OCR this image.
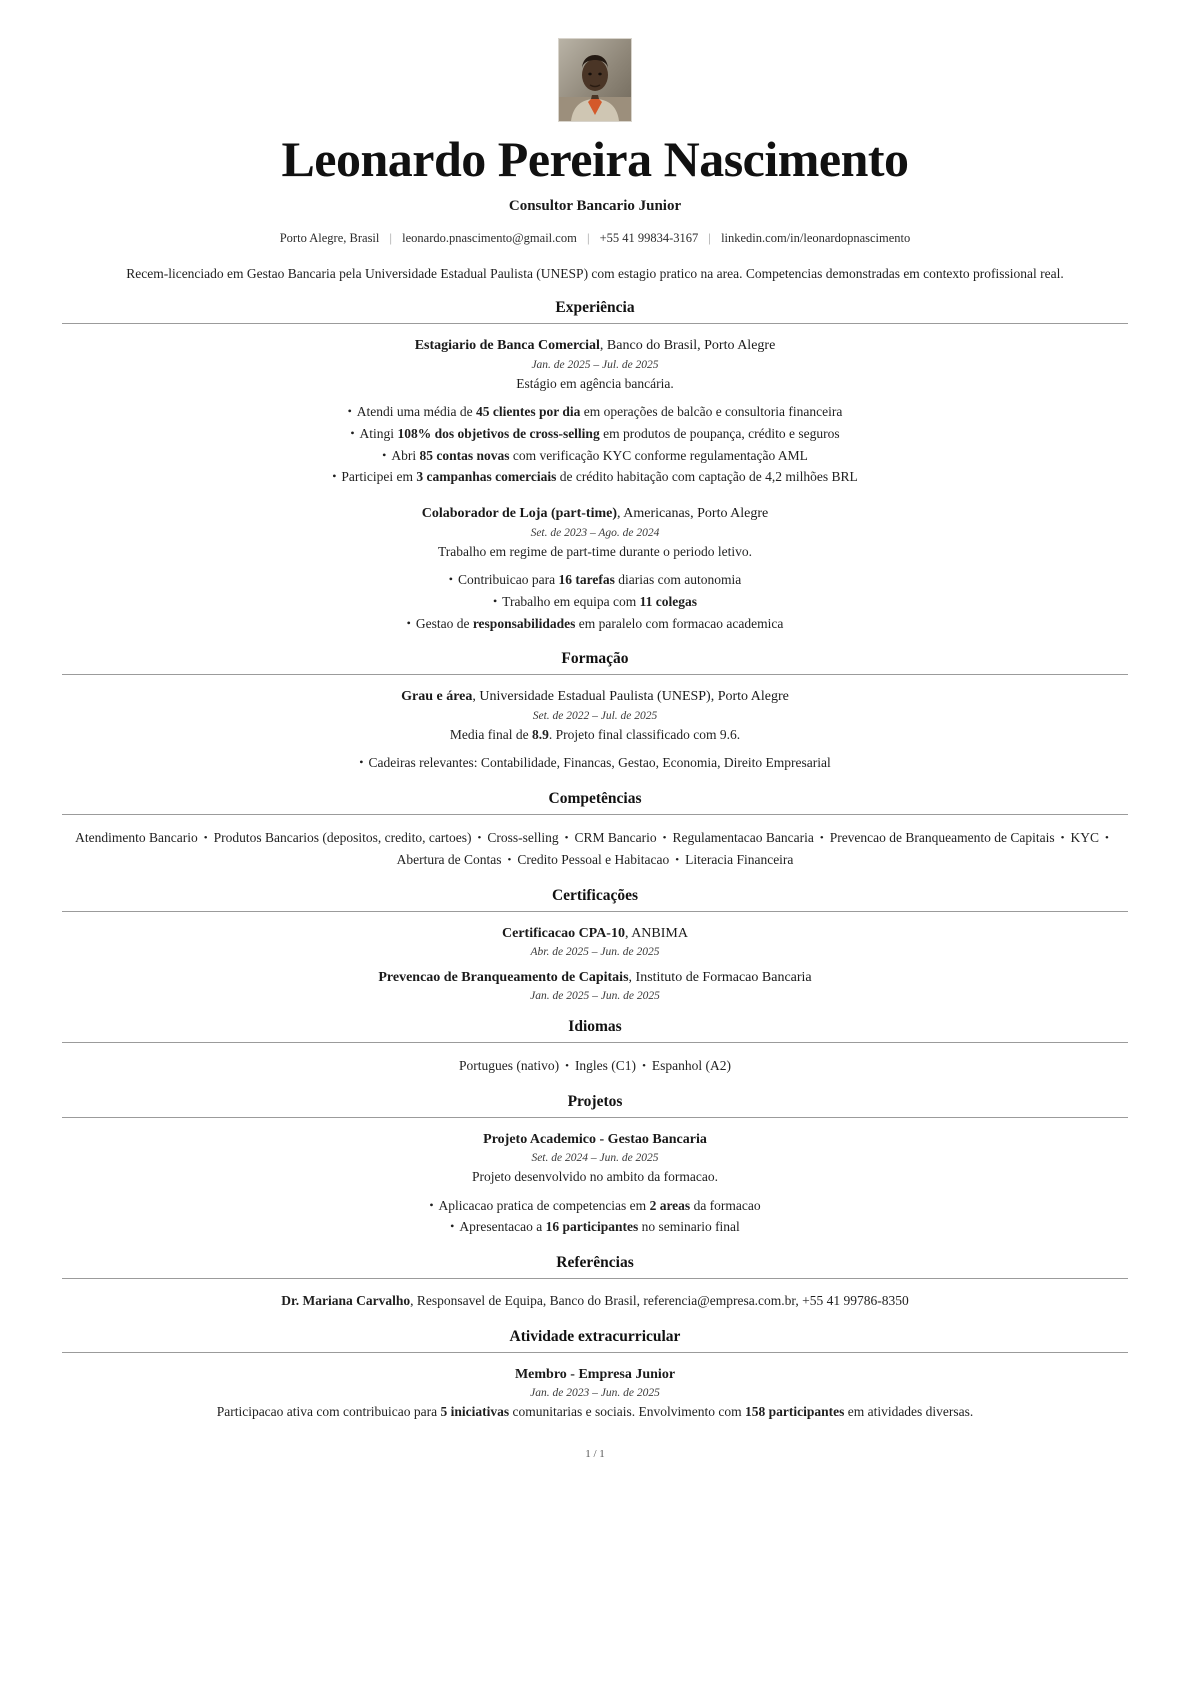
Leonardo Pereira Nascimento
Consultor Bancario Junior
Porto Alegre, Brasil | leonardo.pnascimento@gmail.com | +55 41 99834-3167 | linkedin.com/in/leonardopnascimento

Recem-licenciado em Gestao Bancaria pela Universidade Estadual Paulista (UNESP) com estagio pratico na area. Competencias demonstradas em contexto profissional real.

Experiência
Estagiario de Banca Comercial, Banco do Brasil, Porto Alegre
Jan. de 2025 – Jul. de 2025
Estágio em agência bancária.
• Atendi uma média de 45 clientes por dia em operações de balcão e consultoria financeira
• Atingi 108% dos objetivos de cross-selling em produtos de poupança, crédito e seguros
• Abri 85 contas novas com verificação KYC conforme regulamentação AML
• Participei em 3 campanhas comerciais de crédito habitação com captação de 4,2 milhões BRL
Colaborador de Loja (part-time), Americanas, Porto Alegre
Set. de 2023 – Ago. de 2024
Trabalho em regime de part-time durante o periodo letivo.
• Contribuicao para 16 tarefas diarias com autonomia
• Trabalho em equipa com 11 colegas
• Gestao de responsabilidades em paralelo com formacao academica
Formação
Grau e área, Universidade Estadual Paulista (UNESP), Porto Alegre
Set. de 2022 – Jul. de 2025
Media final de 8.9. Projeto final classificado com 9.6.
• Cadeiras relevantes: Contabilidade, Financas, Gestao, Economia, Direito Empresarial
Competências
Atendimento Bancario • Produtos Bancarios (depositos, credito, cartoes) • Cross-selling • CRM Bancario • Regulamentacao Bancaria • Prevencao de Branqueamento de Capitais • KYC •Abertura de Contas • Credito Pessoal e Habitacao • Literacia Financeira
Certificações
Certificacao CPA-10, ANBIMA
Abr. de 2025 – Jun. de 2025
Prevencao de Branqueamento de Capitais, Instituto de Formacao Bancaria
Jan. de 2025 – Jun. de 2025
Idiomas
Portugues (nativo) • Ingles (C1) • Espanhol (A2)
Projetos
Projeto Academico - Gestao Bancaria
Set. de 2024 – Jun. de 2025
Projeto desenvolvido no ambito da formacao.
• Aplicacao pratica de competencias em 2 areas da formacao
• Apresentacao a 16 participantes no seminario final
Referências
Dr. Mariana Carvalho, Responsavel de Equipa, Banco do Brasil, referencia@empresa.com.br, +55 41 99786-8350
Atividade extracurricular
Membro - Empresa Junior
Jan. de 2023 – Jun. de 2025
Participacao ativa com contribuicao para 5 iniciativas comunitarias e sociais. Envolvimento com 158 participantes em atividades diversas.
1 / 1
